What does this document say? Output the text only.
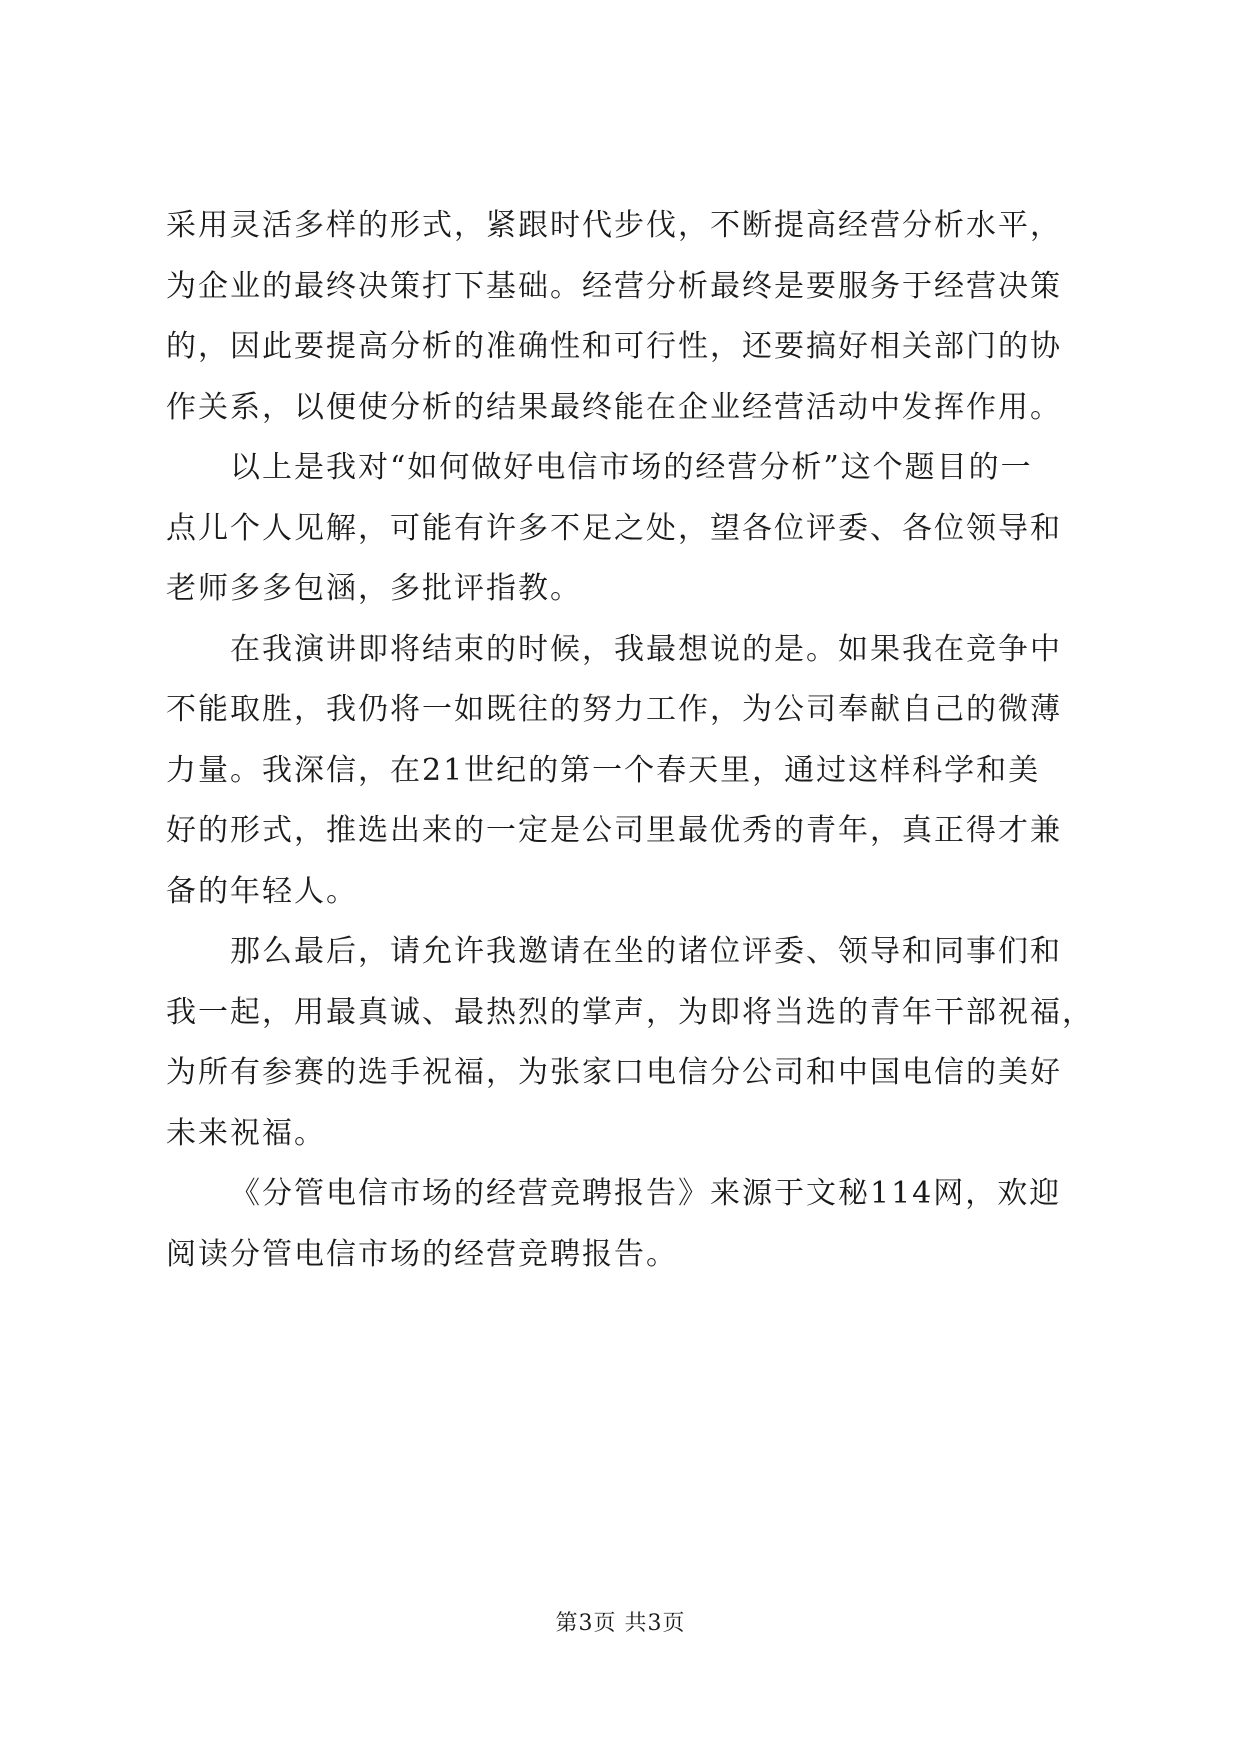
采用灵活多样的形式，紧跟时代步伐，不断提高经营分析水平，
为企业的最终决策打下基础。经营分析最终是要服务于经营决策
的，因此要提高分析的准确性和可行性，还要搞好相关部门的协
作关系，以便使分析的结果最终能在企业经营活动中发挥作用。
以上是我对“如何做好电信市场的经营分析”这个题目的一
点儿个人见解，可能有许多不足之处，望各位评委、各位领导和
老师多多包涵，多批评指教。
在我演讲即将结束的时候，我最想说的是。如果我在竞争中
不能取胜，我仍将一如既往的努力工作，为公司奉献自己的微薄
力量。我深信，在21世纪的第一个春天里，通过这样科学和美
好的形式，推选出来的一定是公司里最优秀的青年，真正得才兼
备的年轻人。
那么最后，请允许我邀请在坐的诸位评委、领导和同事们和
我一起，用最真诚、最热烈的掌声，为即将当选的青年干部祝福，
为所有参赛的选手祝福，为张家口电信分公司和中国电信的美好
未来祝福。
《分管电信市场的经营竞聘报告》来源于文秘114网，欢迎
阅读分管电信市场的经营竞聘报告。
第3页 共3页
